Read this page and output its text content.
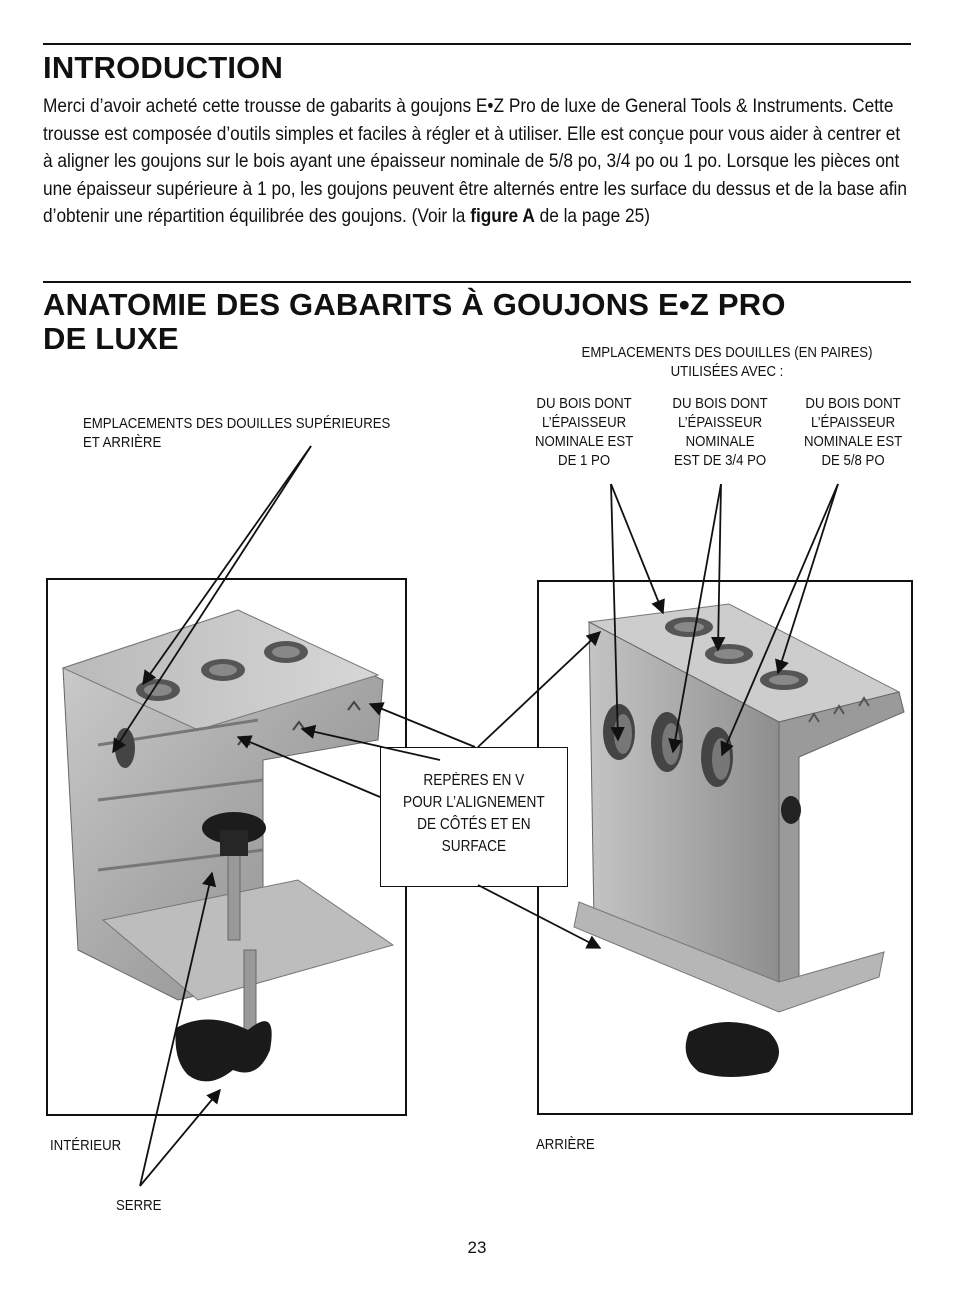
INTRODUCTION

Merci d’avoir acheté cette trousse de gabarits à goujons E•Z Pro de luxe de General Tools & Instruments. Cette trousse est composée d’outils simples et faciles à régler et à utiliser. Elle est conçue pour vous aider à centrer et à aligner les goujons sur le bois ayant une épaisseur nominale de 5/8 po, 3/4 po ou 1 po. Lorsque les pièces ont une épaisseur supérieure à 1 po, les goujons peuvent être alternés entre les surface du dessus et de la base afin d’obtenir une répartition équilibrée des goujons. (Voir la figure A de la page 25)

ANATOMIE DES GABARITS À GOUJONS E•Z PRO
DE LUXE	EMPLACEMENTS DES DOUILLES (EN PAIRES)
UTILISÉES AVEC :
DU BOIS DONT
L’ÉPAISSEUR
NOMINALE EST
DE 1 PO
DU BOIS DONT
L’ÉPAISSEUR
NOMINALE
EST DE 3/4 PO
DU BOIS DONT
L’ÉPAISSEUR
NOMINALE EST
DE 5/8 PO
EMPLACEMENTS DES DOUILLES SUPÉRIEURES
ET ARRIÈRE
REPÈRES EN V
POUR L’ALIGNEMENT
DE CÔTÉS ET EN
SURFACE
INTÉRIEUR	ARRIÈRE
SERRE
23
